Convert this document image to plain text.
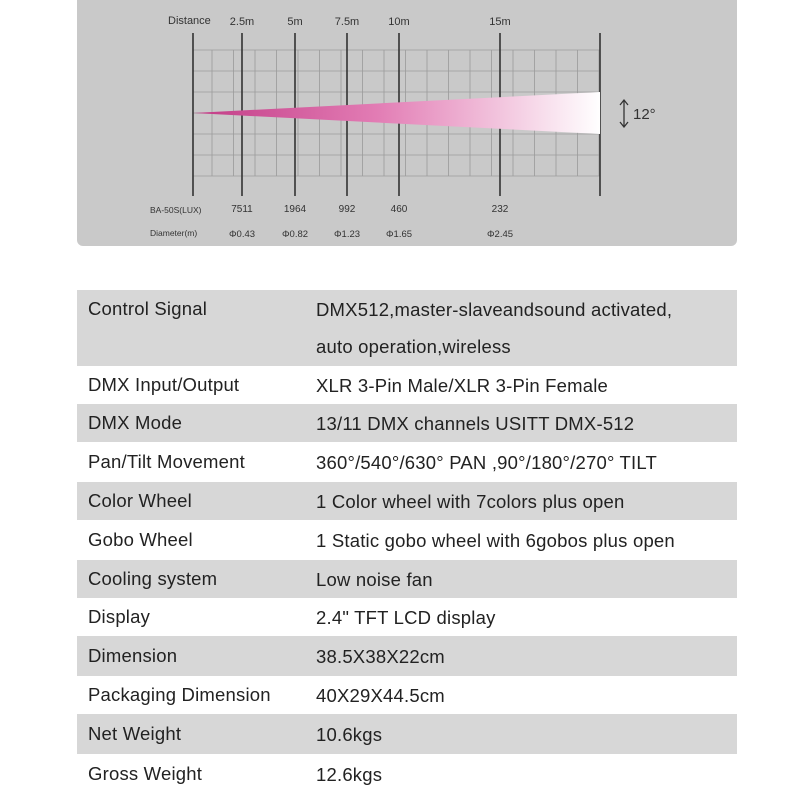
Distance 2.5m	5m	7.5m	10m	15m
12°
BA-50S(LUX)	7511	1964	992	460	232
Diameter(m)	Φ0.43	Φ0.82	Φ1.23	Φ1.65	Φ2.45
Control Signal	DMX512,master-slaveandsound activated,
auto operation,wireless

DMX Input/Output	XLR 3-Pin Male/XLR 3-Pin Female

DMX Mode	13/11 DMX channels USITT DMX-512

Pan/Tilt Movement	360°/540°/630° PAN ,90°/180°/270° TILT

Color Wheel	1 Color wheel with 7colors plus open

Gobo Wheel	1 Static gobo wheel with 6gobos plus open

Cooling system	Low noise fan

Display	2.4" TFT LCD display

Dimension	38.5X38X22cm

Packaging Dimension	40X29X44.5cm

Net Weight	10.6kgs

Gross Weight	12.6kgs
